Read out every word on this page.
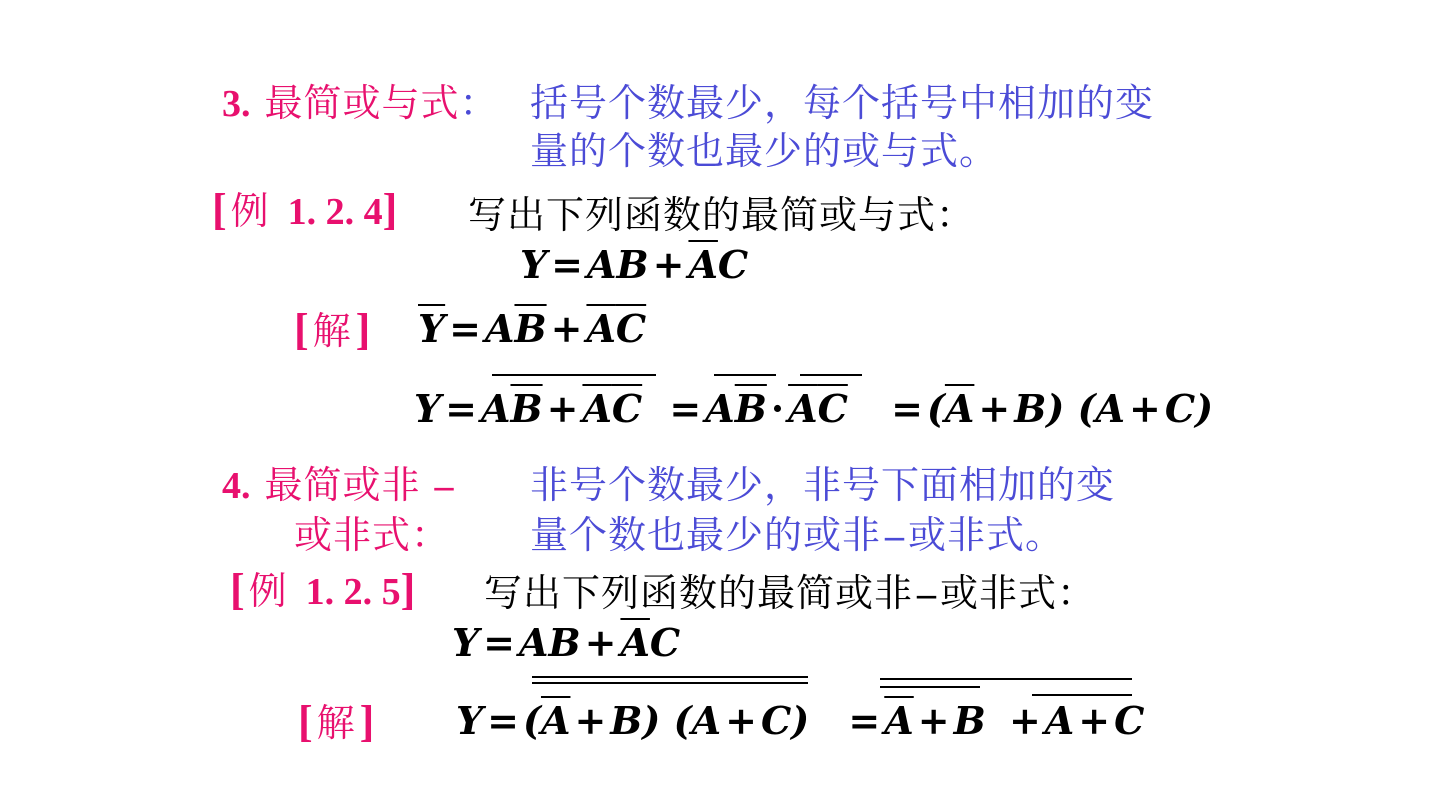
3. 最简或与式： 括号个数最少，每个括号中相加的变
量的个数也最少的或与式。
[ 例 1. 2. 4] 写出下列函数的最简或与式：
Y = AB + $\overline{A}C$
[ 解 ] $\overline{Y} = A\overline{B} + \overline{A}\overline{C}$
$Y = A\overline{B} + \overline{A}\overline{C} = A\overline{B} \cdot \overline{A}\overline{C} = (\overline{A} + B) (A + C)$
4. 最简或非 –
或非式：
非号个数最少，非号下面相加的变
量个数也最少的或非 – 或非式。
[ 例 1. 2. 5] 写出下列函数的最简或非 – 或非式：
Y = AB + $\overline{A}C$
[ 解 ] $Y = (\overline{A} + B) (A + C) = \overline{A} + B + A + C$
